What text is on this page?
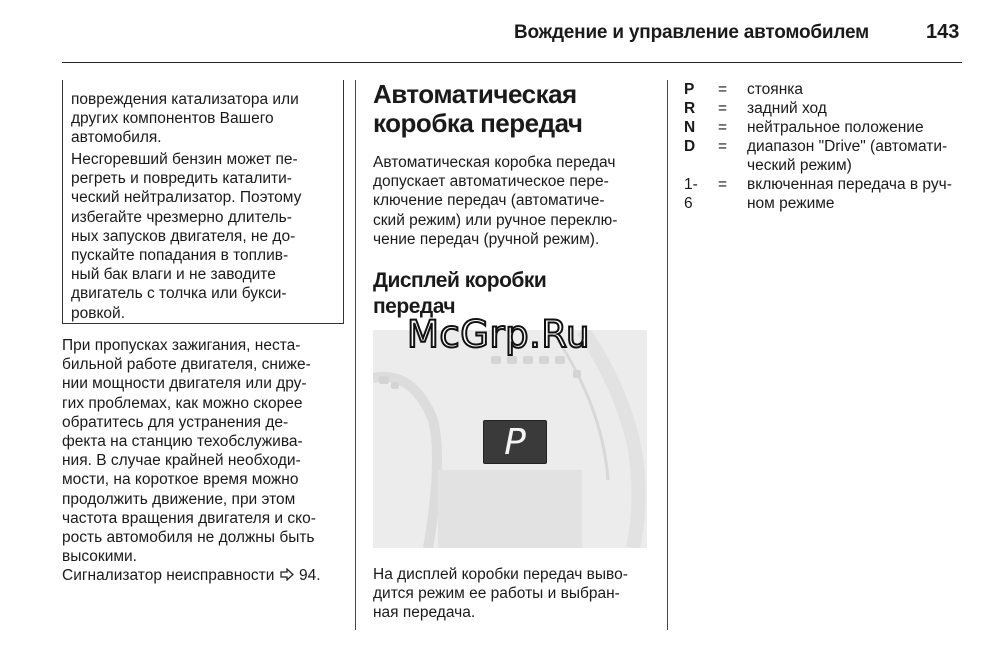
Вождение и управление автомобилем	143
повреждения катализатора или
других компонентов Вашего
автомобиля.
Несгоревший бензин может пе-
регреть и повредить каталити-
ческий нейтрализатор. Поэтому
избегайте чрезмерно длитель-
ных запусков двигателя, не до-
пускайте попадания в топлив-
ный бак влаги и не заводите
двигатель с толчка или букси-
ровкой.
При пропусках зажигания, неста-
бильной работе двигателя, сниже-
нии мощности двигателя или дру-
гих проблемах, как можно скорее
обратитесь для устранения де-
фекта на станцию техобслужива-
ния. В случае крайней необходи-
мости, на короткое время можно
продолжить движение, при этом
частота вращения двигателя и ско-
рость автомобиля не должны быть
высокими.
Сигнализатор неисправности 94.
Автоматическая
коробка передач
Автоматическая коробка передач
допускает автоматическое пере-
ключение передач (автоматиче-
ский режим) или ручное переклю-
чение передач (ручной режим).
Дисплей коробки
передач
P
McGrp.Ru
На дисплей коробки передач выво-
дится режим ее работы и выбран-
ная передача.
P = стоянка
R = задний ход
N = нейтральное положение
D = диапазон "Drive" (автомати-
ческий режим)
1-6
= включенная передача в руч-
ном режиме
